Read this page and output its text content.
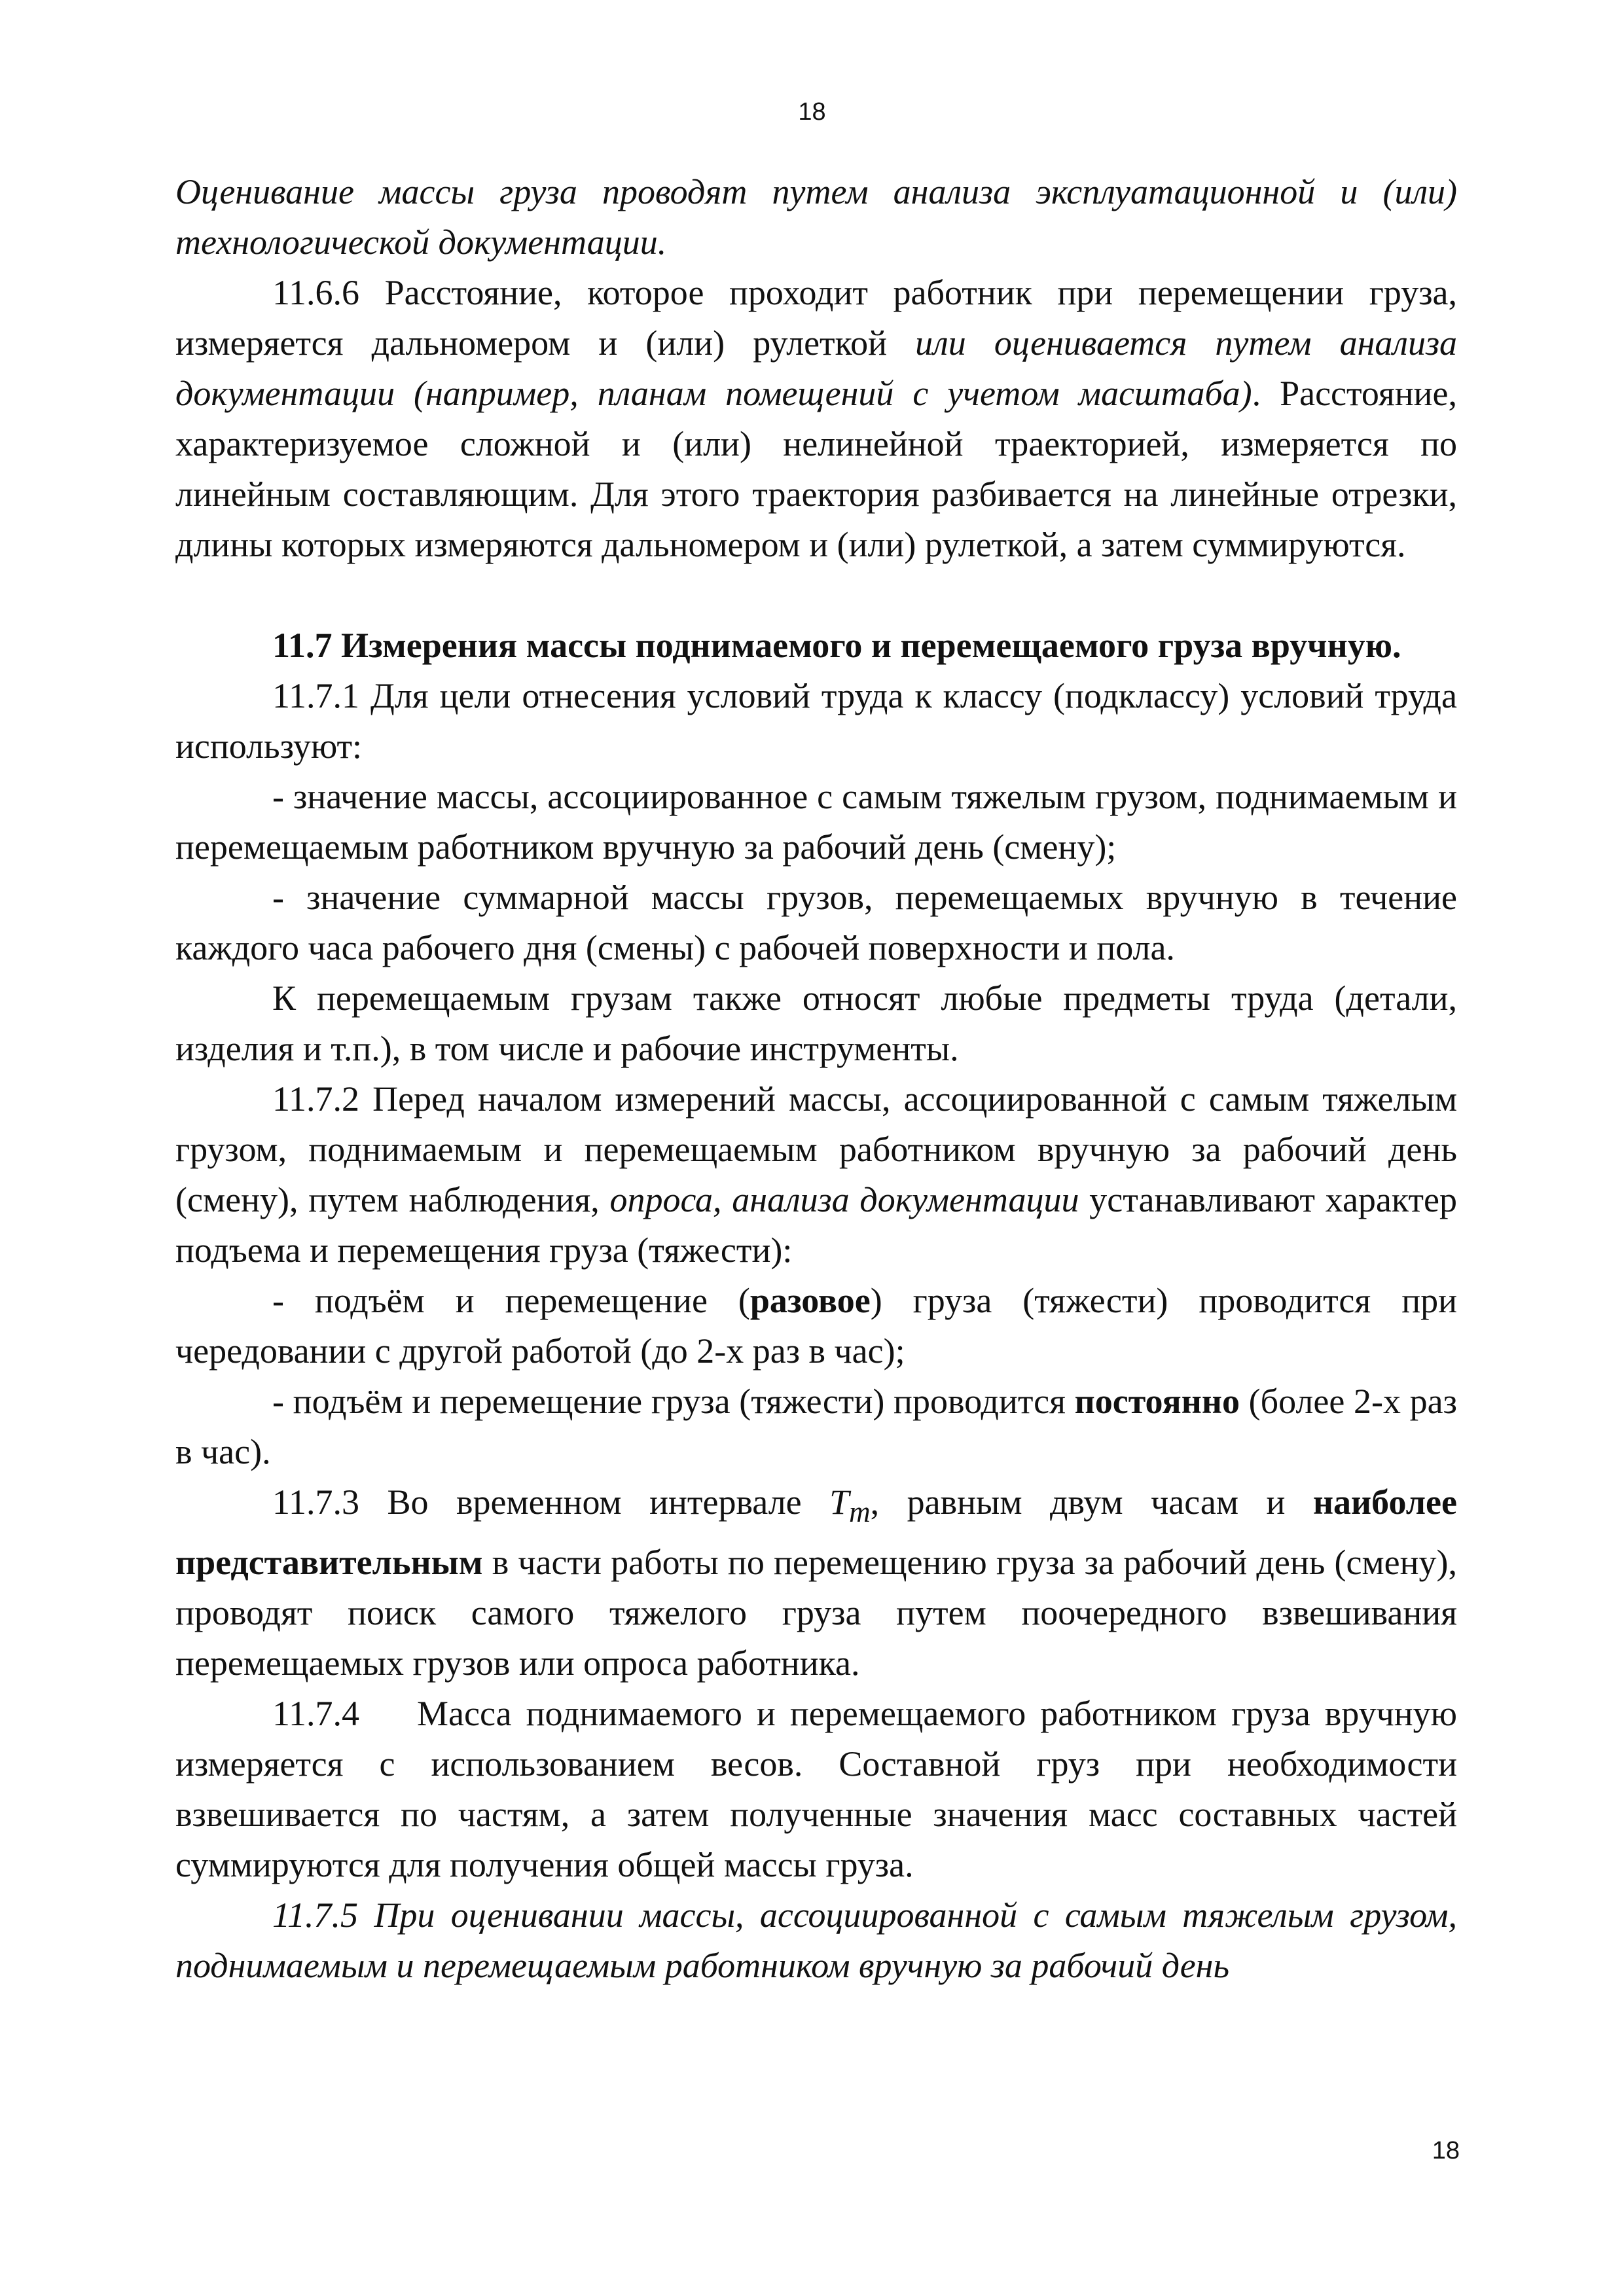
18

Оценивание массы груза проводят путем анализа эксплуатационной и (или) технологической документации.

11.6.6 Расстояние, которое проходит работник при перемещении груза, измеряется дальномером и (или) рулеткой или оценивается путем анализа документации (например, планам помещений с учетом масштаба). Расстояние, характеризуемое сложной и (или) нелинейной траекторией, измеряется по линейным составляющим. Для этого траектория разбивается на линейные отрезки, длины которых измеряются дальномером и (или) рулеткой, а затем суммируются.

11.7 Измерения массы поднимаемого и перемещаемого груза вручную.

11.7.1 Для цели отнесения условий труда к классу (подклассу) условий труда используют:

- значение массы, ассоциированное с самым тяжелым грузом, поднимаемым и перемещаемым работником вручную за рабочий день (смену);

- значение суммарной массы грузов, перемещаемых вручную в течение каждого часа рабочего дня (смены) с рабочей поверхности и пола.

К перемещаемым грузам также относят любые предметы труда (детали, изделия и т.п.), в том числе и рабочие инструменты.

11.7.2 Перед началом измерений массы, ассоциированной с самым тяжелым грузом, поднимаемым и перемещаемым работником вручную за рабочий день (смену), путем наблюдения, опроса, анализа документации устанавливают характер подъема и перемещения груза (тяжести):

- подъём и перемещение (разовое) груза (тяжести) проводится при чередовании с другой работой (до 2-х раз в час);

- подъём и перемещение груза (тяжести) проводится постоянно (более 2-х раз в час).

11.7.3 Во временном интервале $T_m$, равным двум часам и наиболее представительным в части работы по перемещению груза за рабочий день (смену), проводят поиск самого тяжелого груза путем поочередного взвешивания перемещаемых грузов или опроса работника.

11.7.4    Масса поднимаемого и перемещаемого работником груза вручную измеряется с использованием весов. Составной груз при необходимости взвешивается по частям, а затем полученные значения масс составных частей суммируются для получения общей массы груза.

11.7.5 При оценивании массы, ассоциированной с самым тяжелым грузом, поднимаемым и перемещаемым работником вручную за рабочий день

18
